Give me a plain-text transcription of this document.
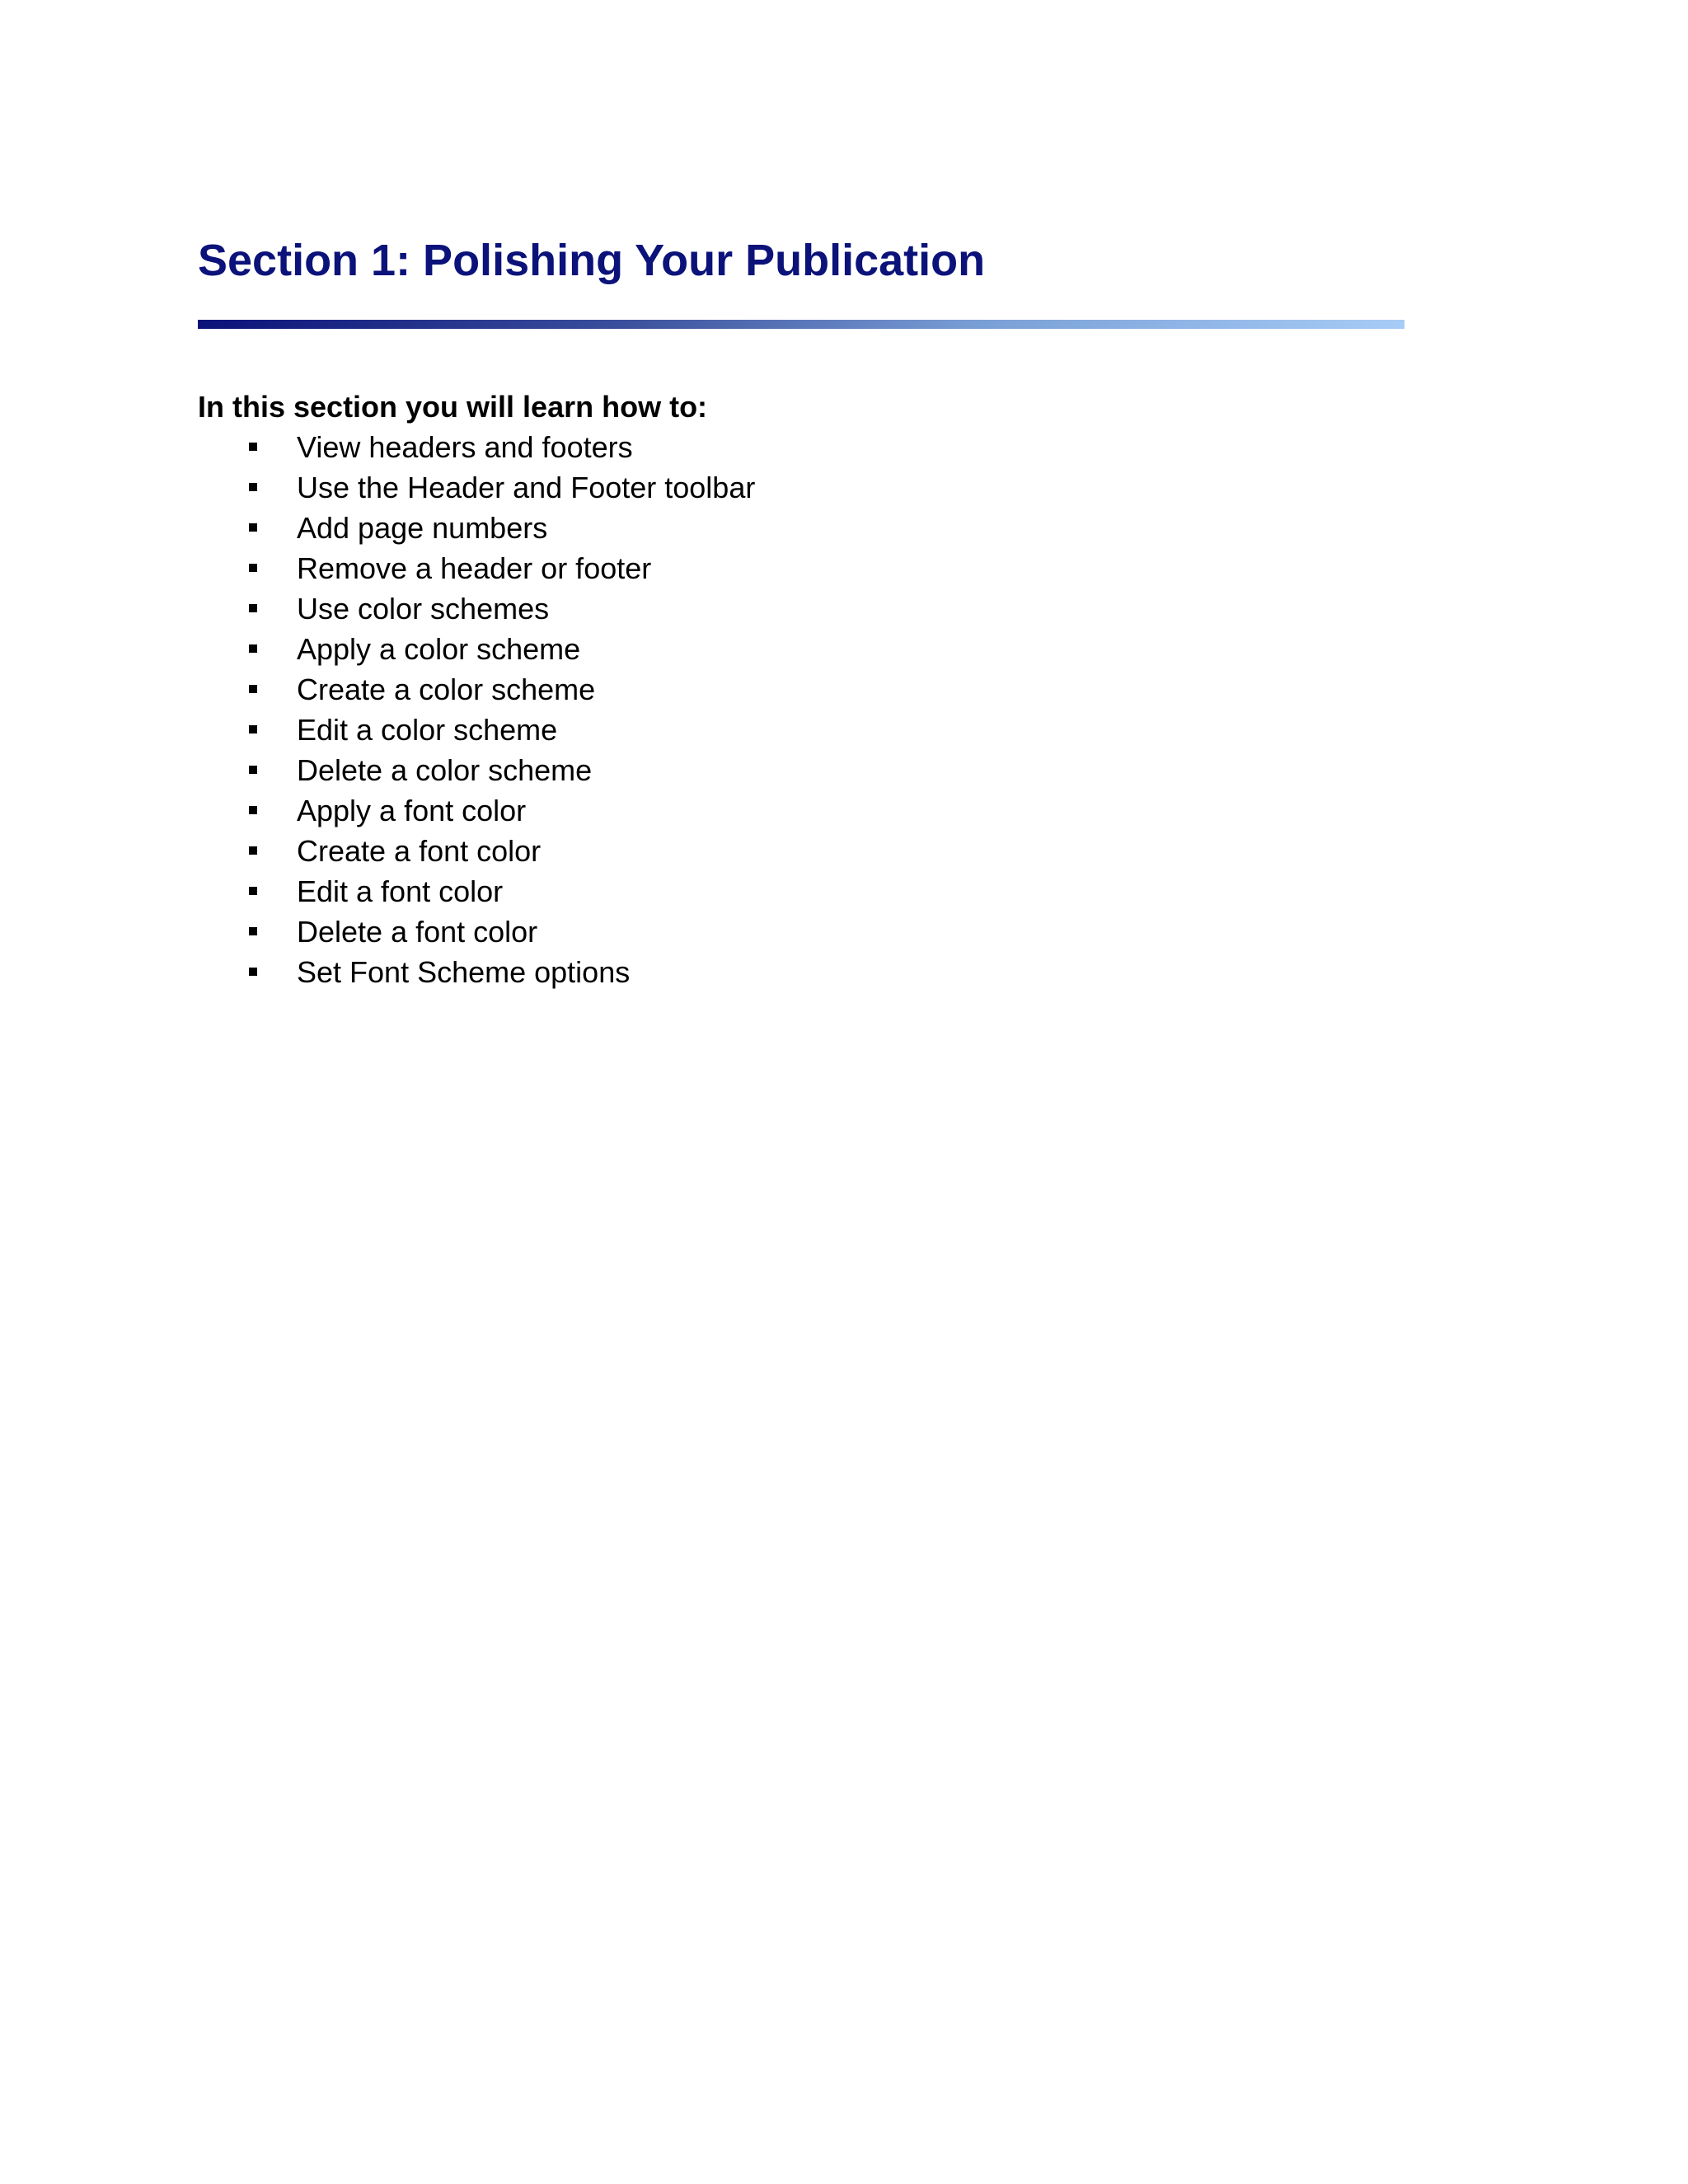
Section 1: Polishing Your Publication
In this section you will learn how to:
View headers and footers
Use the Header and Footer toolbar
Add page numbers
Remove a header or footer
Use color schemes
Apply a color scheme
Create a color scheme
Edit a color scheme
Delete a color scheme
Apply a font color
Create a font color
Edit a font color
Delete a font color
Set Font Scheme options
